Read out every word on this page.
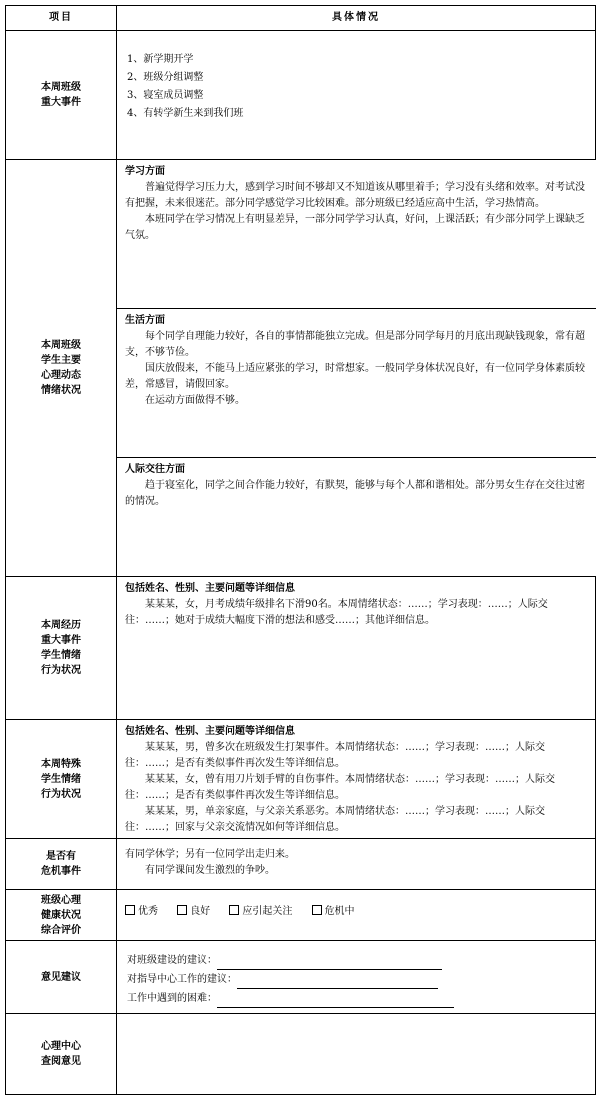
项目	具体情况

本周班级
重大事件

1、新学期开学
2、班级分组调整
3、寝室成员调整
4、有转学新生来到我们班

本周班级
学生主要
心理动态
情绪状况

学习方面
普遍觉得学习压力大，感到学习时间不够却又不知道该从哪里着手；学习没有头绪和效率。对考试没有把握，未来很迷茫。部分同学感觉学习比较困难。部分班级已经适应高中生活，学习热情高。
本班同学在学习情况上有明显差异，一部分同学学习认真，好问，上课活跃；有少部分同学上课缺乏气氛。

生活方面
每个同学自理能力较好，各自的事情都能独立完成。但是部分同学每月的月底出现缺钱现象，常有超支，不够节俭。
国庆放假来，不能马上适应紧张的学习，时常想家。一般同学身体状况良好，有一位同学身体素质较差，常感冒，请假回家。
在运动方面做得不够。

人际交往方面
趋于寝室化，同学之间合作能力较好，有默契，能够与每个人都和谐相处。部分男女生存在交往过密的情况。

本周经历
重大事件
学生情绪
行为状况

包括姓名、性别、主要问题等详细信息
某某某，女，月考成绩年级排名下滑90名。本周情绪状态：……；学习表现：……；人际交往：……；她对于成绩大幅度下滑的想法和感受……；其他详细信息。

本周特殊
学生情绪
行为状况

包括姓名、性别、主要问题等详细信息
某某某，男，曾多次在班级发生打架事件。本周情绪状态：……；学习表现：……；人际交往：……；是否有类似事件再次发生等详细信息。
某某某，女，曾有用刀片划手臂的自伤事件。本周情绪状态：……；学习表现：……；人际交往：……；是否有类似事件再次发生等详细信息。
某某某，男，单亲家庭，与父亲关系恶劣。本周情绪状态：……；学习表现：……；人际交往：……；回家与父亲交流情况如何等详细信息。

是否有
危机事件

有同学休学；另有一位同学出走归来。
有同学课间发生激烈的争吵。

班级心理
健康状况
综合评价
	优秀	良好	应引起关注	危机中

意见建议

对班级建设的建议：
对指导中心工作的建议：
工作中遇到的困难：

心理中心
查阅意见
